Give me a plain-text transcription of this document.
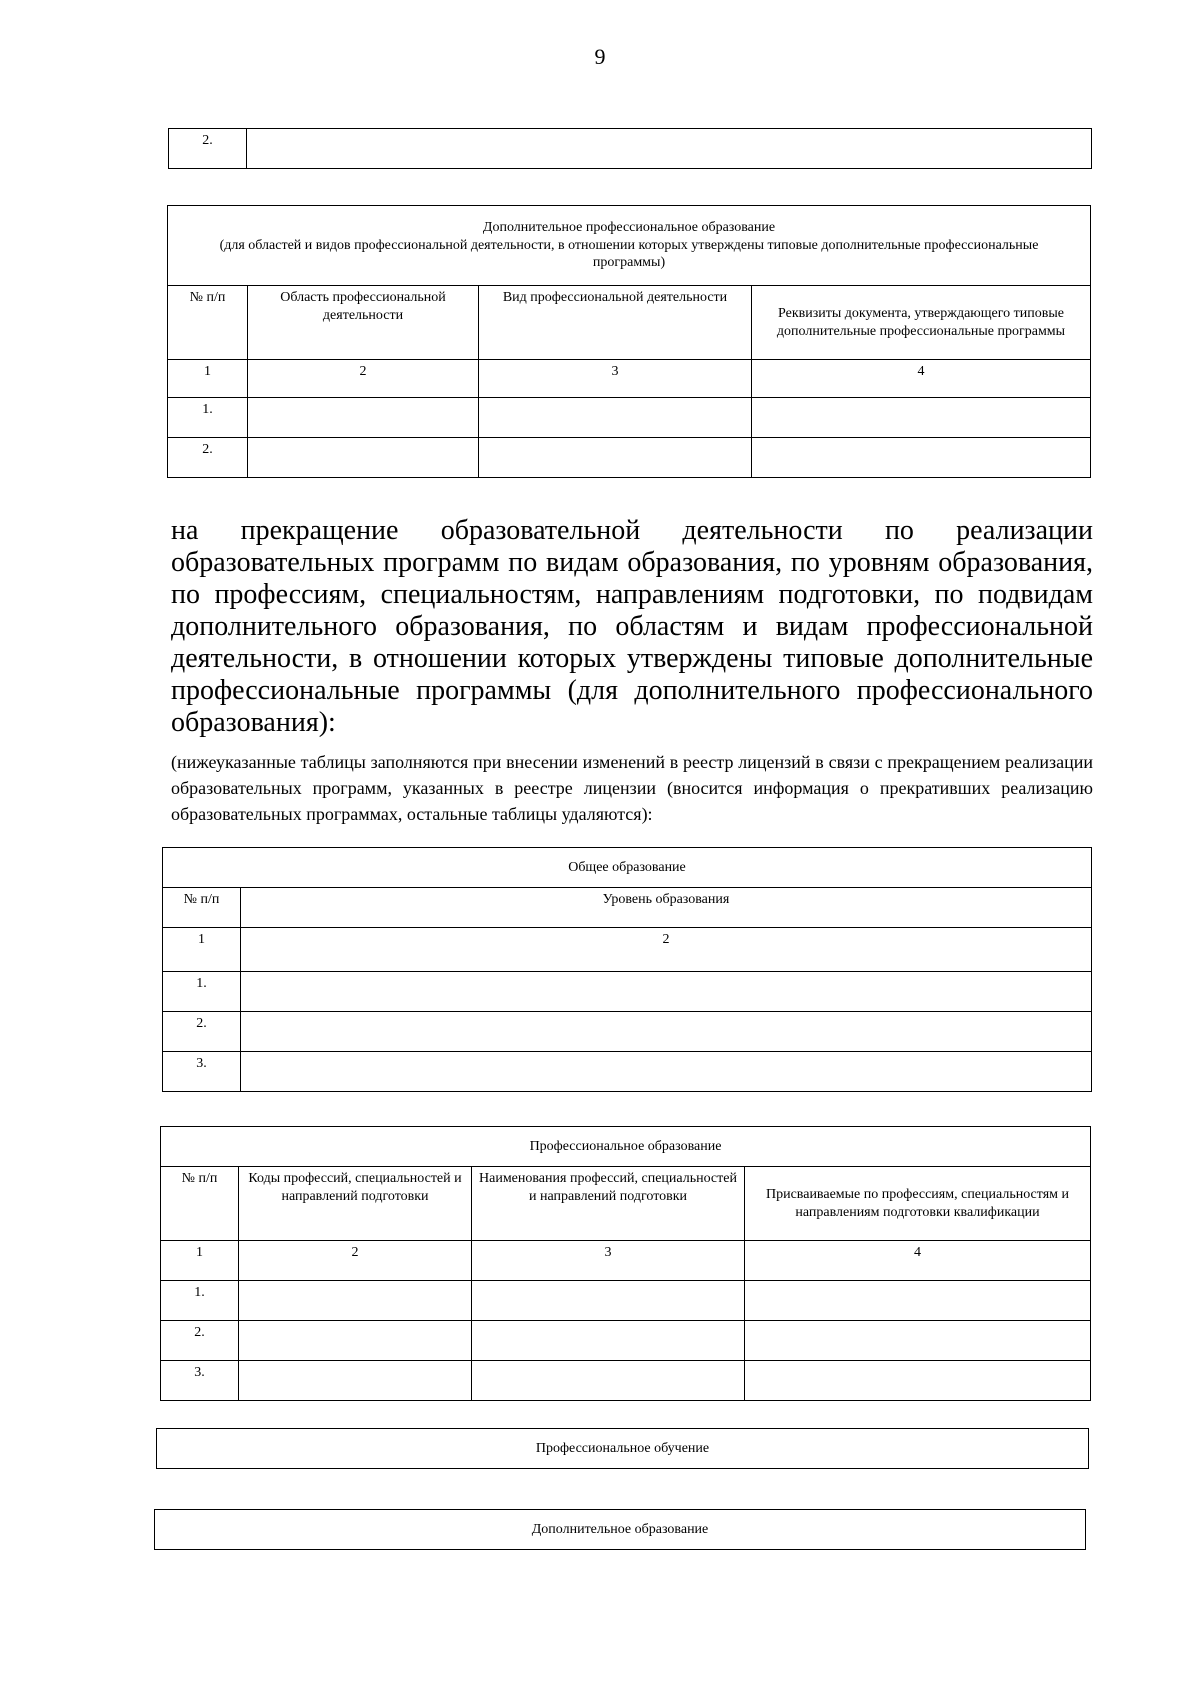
9
2.	
Дополнительное профессиональное образование
(для областей и видов профессиональной деятельности, в отношении которых утверждены типовые дополнительные профессиональные программы)			
№ п/п	Область профессиональной деятельности	Вид профессиональной деятельности	Реквизиты документа, утверждающего типовые дополнительные профессиональные программы
1	2	3	4
1.			
2.			
на прекращение образовательной деятельности по реализации образовательных программ по видам образования, по уровням образования, по профессиям, специальностям, направлениям подготовки, по подвидам дополнительного образования, по областям и видам профессиональной деятельности, в отношении которых утверждены типовые дополнительные профессиональные программы (для дополнительного профессионального образования):
(нижеуказанные таблицы заполняются при внесении изменений в реестр лицензий в связи с прекращением реализации образовательных программ, указанных в реестре лицензии (вносится информация о прекративших реализацию образовательных программах, остальные таблицы удаляются):
Общее образование	
№ п/п	Уровень образования
1	2
1.	
2.	
3.	
Профессиональное образование			
№ п/п	Коды профессий, специальностей и направлений подготовки	Наименования профессий, специальностей и направлений подготовки	Присваиваемые по профессиям, специальностям и направлениям подготовки квалификации
1	2	3	4
1.			
2.			
3.			
Профессиональное обучение
Дополнительное образование
